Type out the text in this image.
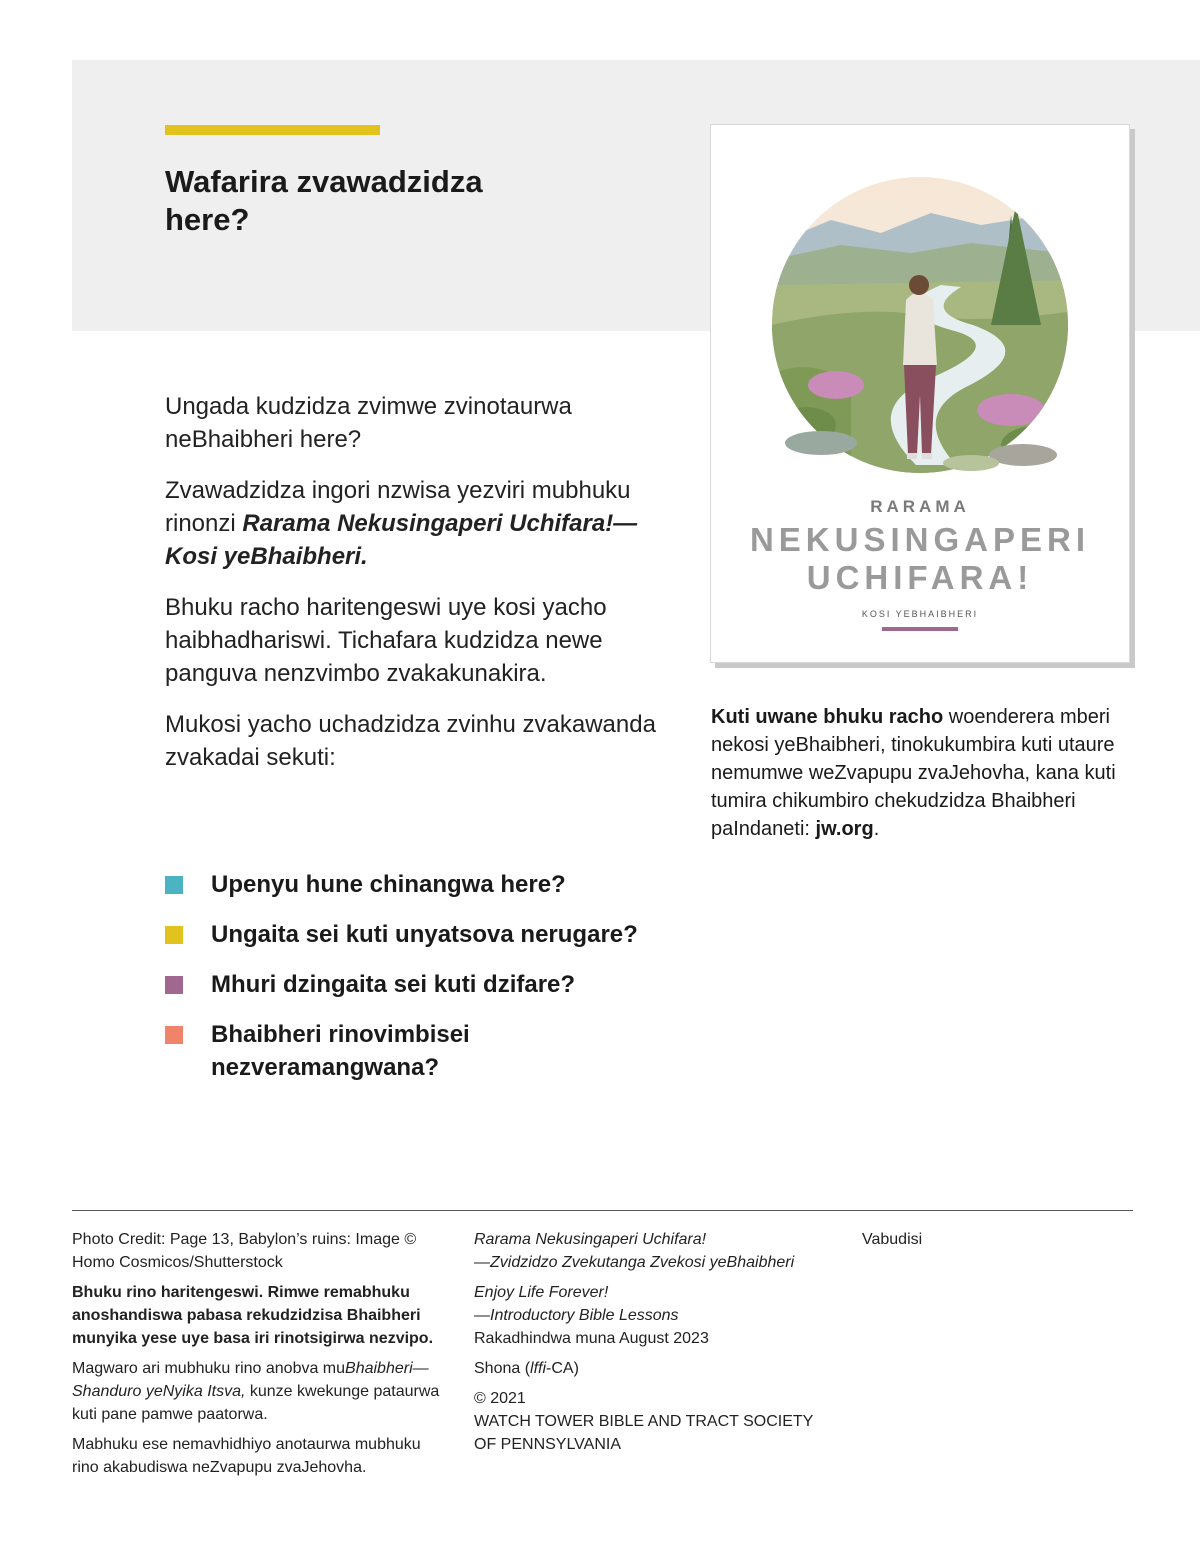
Wafarira zvawadzidza
here?

Ungada kudzidza zvimwe zvinotaurwa neBhaibheri here?

Zvawadzidza ingori nzwisa yezviri mubhuku rinonzi Rarama Nekusingaperi Uchifara!—Kosi yeBhaibheri.

Bhuku racho haritengeswi uye kosi yacho haibhadhariswi. Tichafara kudzidza newe panguva nenzvimbo zvakakunakira.

Mukosi yacho uchadzidza zvinhu zvakawanda zvakadai sekuti:

Upenyu hune chinangwa here?
Ungaita sei kuti unyatsova nerugare?
Mhuri dzingaita sei kuti dzifare?
Bhaibheri rinovimbisei nezveramangwana?
RARAMA
NEKUSINGAPERI
UCHIFARA!
KOSI YEBHAIBHERI

Kuti uwane bhuku racho woenderera mberi nekosi yeBhaibheri, tinokukumbira kuti utaure nemumwe weZvapupu zvaJehovha, kana kuti tumira chikumbiro chekudzidza Bhaibheri paIndaneti: jw.org.

Photo Credit: Page 13, Babylon’s ruins: Image © Homo Cosmicos/Shutterstock

Bhuku rino haritengeswi. Rimwe remabhuku anoshandiswa pabasa rekudzidzisa Bhaibheri munyika yese uye basa iri rinotsigirwa nezvipo.

Magwaro ari mubhuku rino anobva muBhaibheri—Shanduro yeNyika Itsva, kunze kwekunge pataurwa kuti pane pamwe paatorwa.

Mabhuku ese nemavhidhiyo anotaurwa mubhuku rino akabudiswa neZvapupu zvaJehovha.

Rarama Nekusingaperi Uchifara!
—Zvidzidzo Zvekutanga Zvekosi yeBhaibheri

Enjoy Life Forever!
—Introductory Bible Lessons
Rakadhindwa muna August 2023

Shona (lffi-CA)

© 2021
WATCH TOWER BIBLE AND TRACT SOCIETY OF PENNSYLVANIA

Vabudisi
